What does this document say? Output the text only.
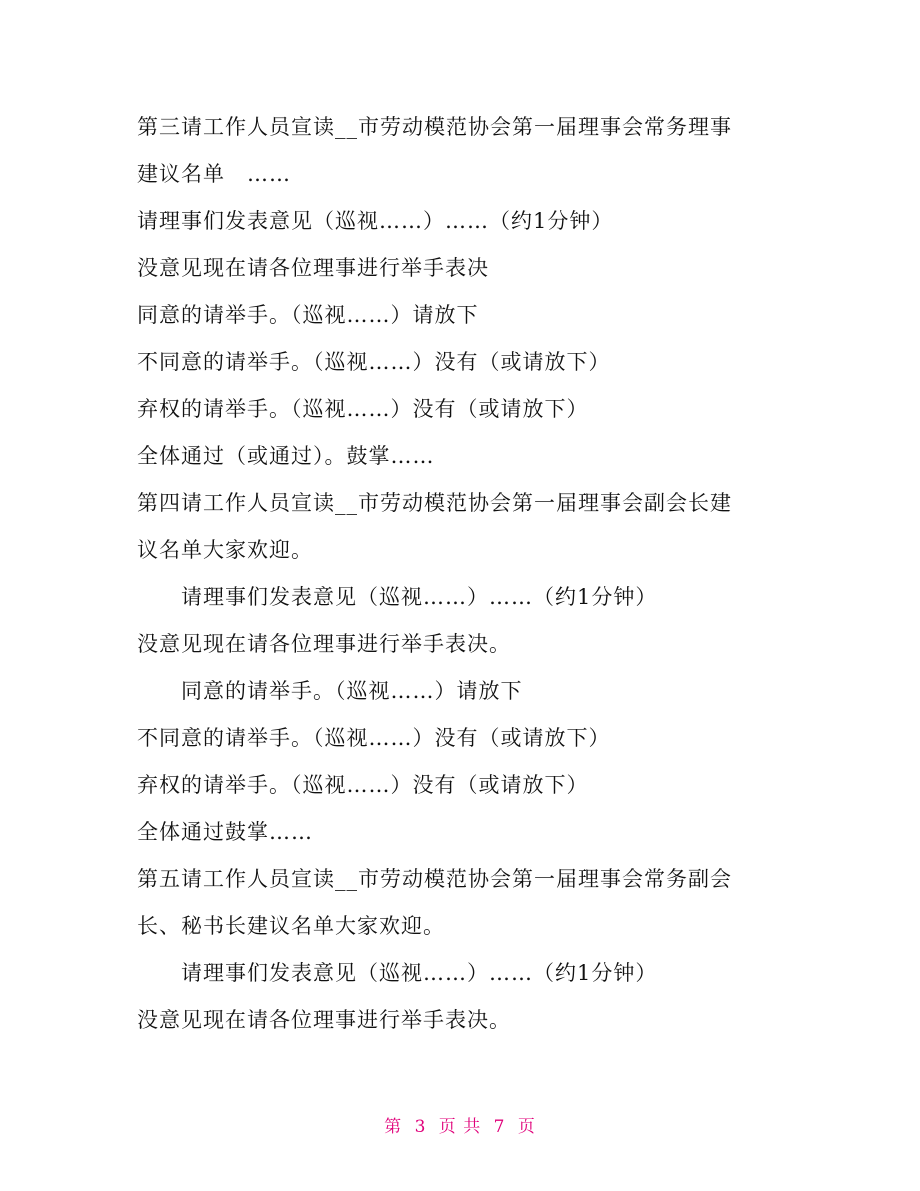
第三请工作人员宣读__市劳动模范协会第一届理事会常务理事
建议名单　……
请理事们发表意见（巡视……）……（约1分钟）
没意见现在请各位理事进行举手表决
同意的请举手。（巡视……）请放下
不同意的请举手。（巡视……）没有（或请放下）
弃权的请举手。（巡视……）没有（或请放下）
全体通过（或通过）。鼓掌……
第四请工作人员宣读__市劳动模范协会第一届理事会副会长建
议名单大家欢迎。
请理事们发表意见（巡视……）……（约1分钟）
没意见现在请各位理事进行举手表决。
同意的请举手。（巡视……）请放下
不同意的请举手。（巡视……）没有（或请放下）
弃权的请举手。（巡视……）没有（或请放下）
全体通过鼓掌……
第五请工作人员宣读__市劳动模范协会第一届理事会常务副会
长、秘书长建议名单大家欢迎。
请理事们发表意见（巡视……）……（约1分钟）
没意见现在请各位理事进行举手表决。
第 3 页 共 7 页
